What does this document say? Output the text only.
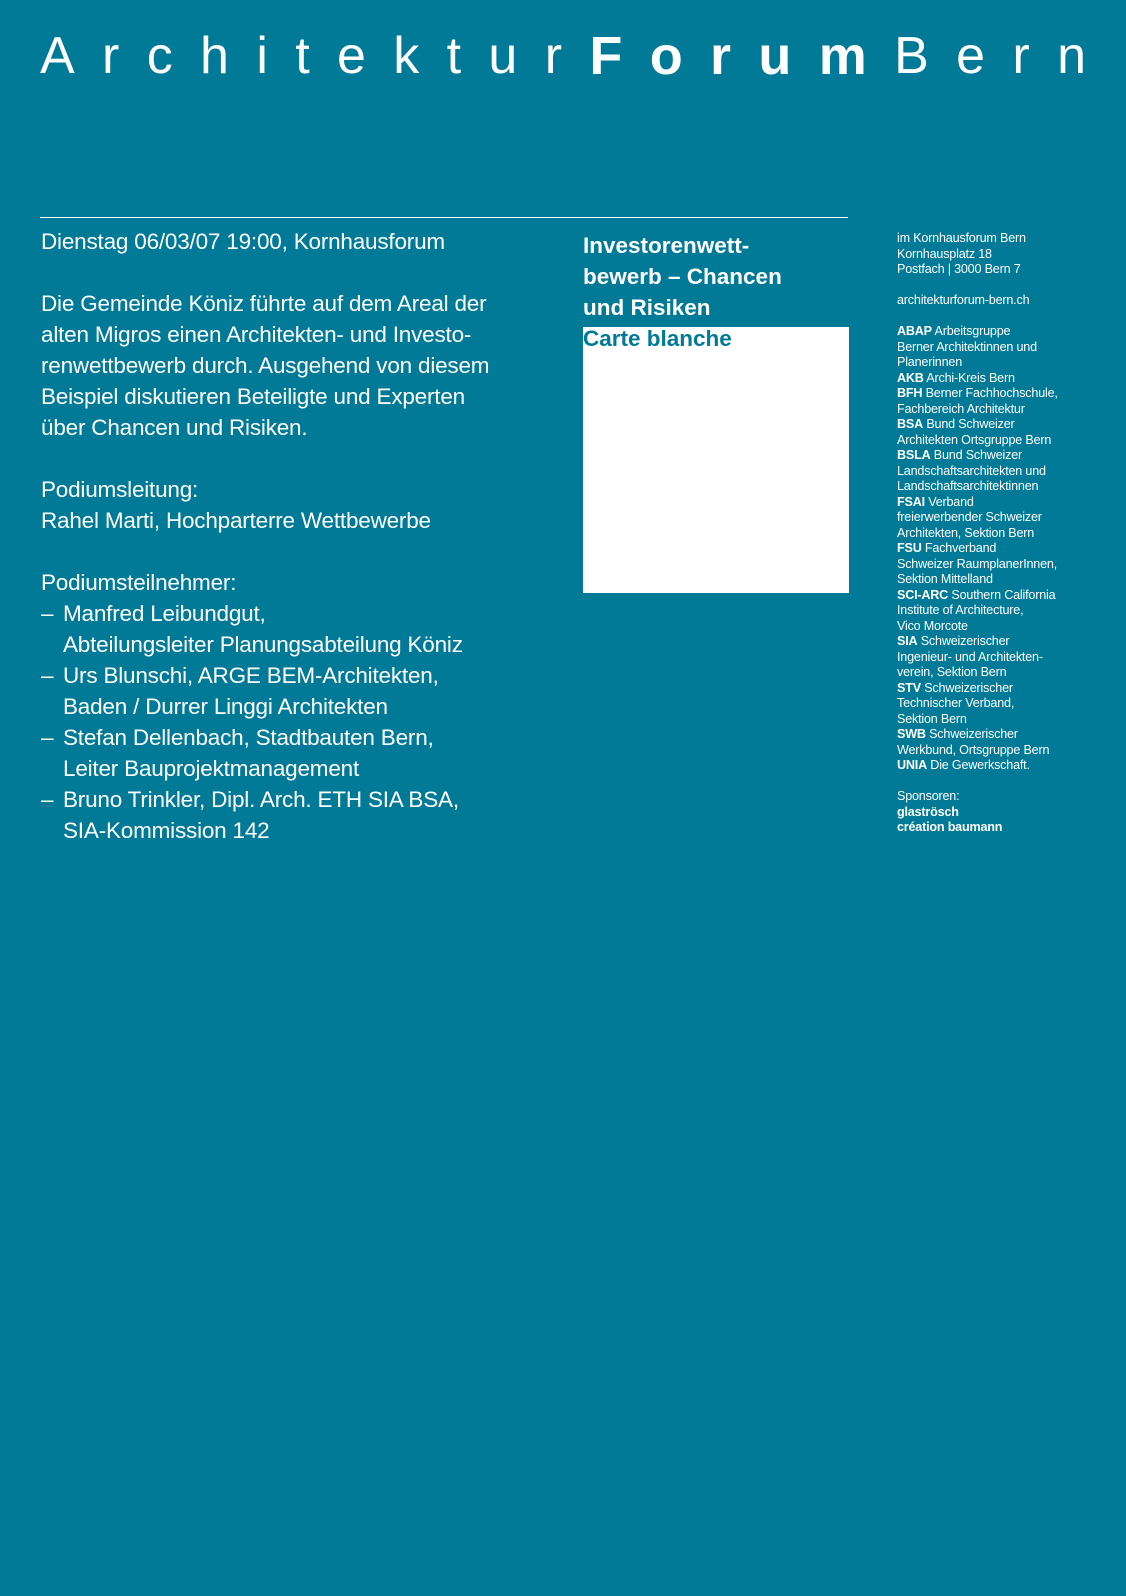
A r c h i t e k t u r F o r u m B e r n

Dienstag 06/03/07 19:00, Kornhausforum

Die Gemeinde Köniz führte auf dem Areal der

alten Migros einen Architekten- und Investo-

renwettbewerb durch. Ausgehend von diesem

Beispiel diskutieren Beteiligte und Experten

über Chancen und Risiken.

Podiumsleitung:

Rahel Marti, Hochparterre Wettbewerbe

Podiumsteilnehmer:

– Manfred Leibundgut,
Abteilungsleiter Planungsabteilung Köniz
– Urs Blunschi, ARGE BEM-Architekten,
Baden / Durrer Linggi Architekten
– Stefan Dellenbach, Stadtbauten Bern,
Leiter Bauprojektmanagement
– Bruno Trinkler, Dipl. Arch. ETH SIA BSA,
SIA-Kommission 142

Investorenwett-

bewerb – Chancen

und Risiken

Carte blanche

im Kornhausforum Bern

Kornhausplatz 18

Postfach | 3000 Bern 7

architekturforum-bern.ch

ABAP Arbeitsgruppe
Berner Architektinnen und
Planerinnen

AKB Archi-Kreis Bern

BFH Berner Fachhochschule,
Fachbereich Architektur

BSA Bund Schweizer
Architekten Ortsgruppe Bern

BSLA Bund Schweizer
Landschaftsarchitekten und
Landschaftsarchitektinnen

FSAI Verband
freierwerbender Schweizer
Architekten, Sektion Bern

FSU Fachverband
Schweizer RaumplanerInnen,
Sektion Mittelland

SCI-ARC Southern California
Institute of Architecture,
Vico Morcote

SIA Schweizerischer
Ingenieur- und Architekten-
verein, Sektion Bern

STV Schweizerischer
Technischer Verband,
Sektion Bern

SWB Schweizerischer
Werkbund, Ortsgruppe Bern

UNIA Die Gewerkschaft.

Sponsoren:

glaströsch

création baumann
